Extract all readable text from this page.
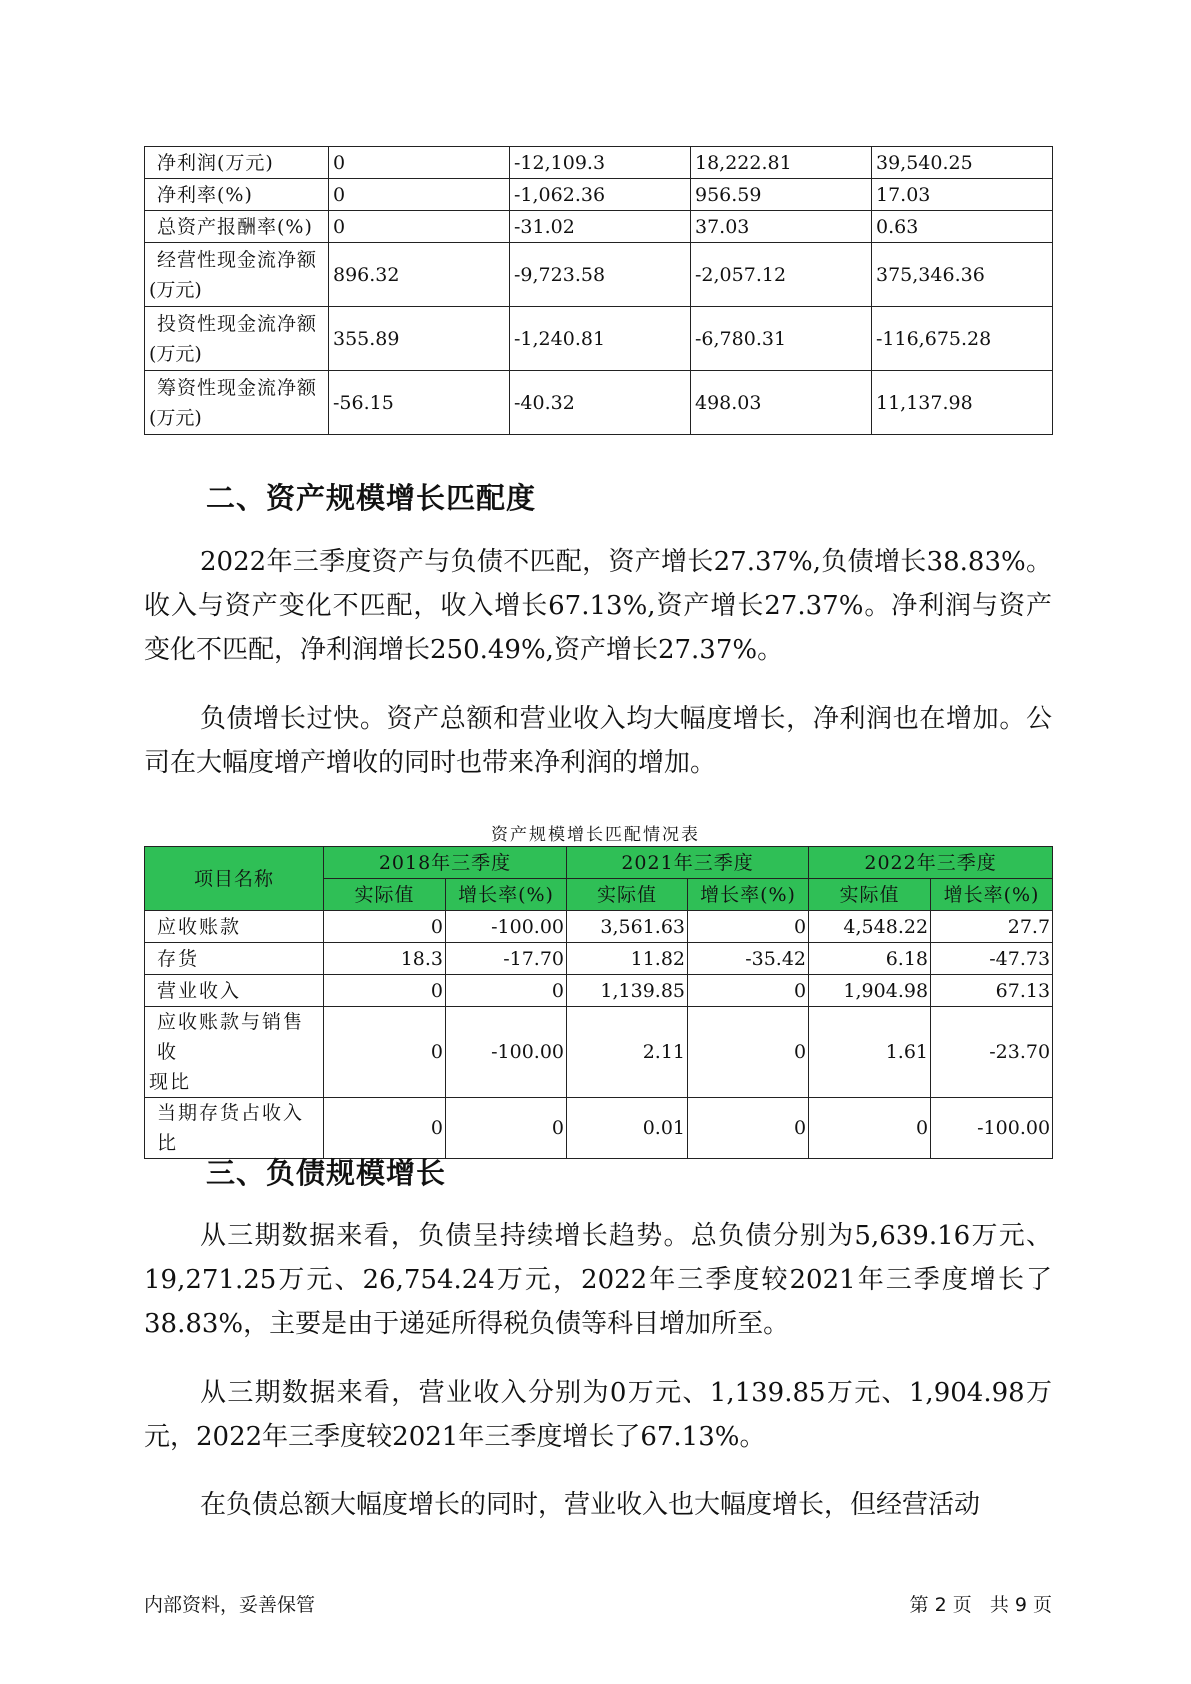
净利润(万元)	0	-12,109.3	18,222.81	39,540.25
净利率(%)	0	-1,062.36	956.59	17.03
总资产报酬率(%)	0	-31.02	37.03	0.63

经营性现金流净额
(万元)	896.32	-9,723.58	-2,057.12	375,346.36

投资性现金流净额
(万元)	355.89	-1,240.81	-6,780.31	-116,675.28

筹资性现金流净额
(万元)	-56.15	-40.32	498.03	11,137.98
二、资产规模增长匹配度

2022年三季度资产与负债不匹配，资产增长27.37%,负债增长38.83%。收入与资产变化不匹配，收入增长67.13%,资产增长27.37%。净利润与资产变化不匹配，净利润增长250.49%,资产增长27.37%。

负债增长过快。资产总额和营业收入均大幅度增长，净利润也在增加。公司在大幅度增产增收的同时也带来净利润的增加。

资产规模增长匹配情况表
项目名称	2018年三季度		2021年三季度		2022年三季度	
	实际值	增长率(%)	实际值	增长率(%)	实际值	增长率(%)
应收账款	0	-100.00	3,561.63	0	4,548.22	27.7
存货	18.3	-17.70	11.82	-35.42	6.18	-47.73
营业收入	0	0	1,139.85	0	1,904.98	67.13

应收账款与销售收
现比	0	-100.00	2.11	0	1.61	-23.70
当期存货占收入比	0	0	0.01	0	0	-100.00
三、负债规模增长

从三期数据来看，负债呈持续增长趋势。总负债分别为5,639.16万元、19,271.25万元、26,754.24万元，2022年三季度较2021年三季度增长了38.83%，主要是由于递延所得税负债等科目增加所至。

从三期数据来看，营业收入分别为0万元、1,139.85万元、1,904.98万元，2022年三季度较2021年三季度增长了67.13%。

在负债总额大幅度增长的同时，营业收入也大幅度增长，但经营活动

内部资料，妥善保管	第 2 页   共 9 页
